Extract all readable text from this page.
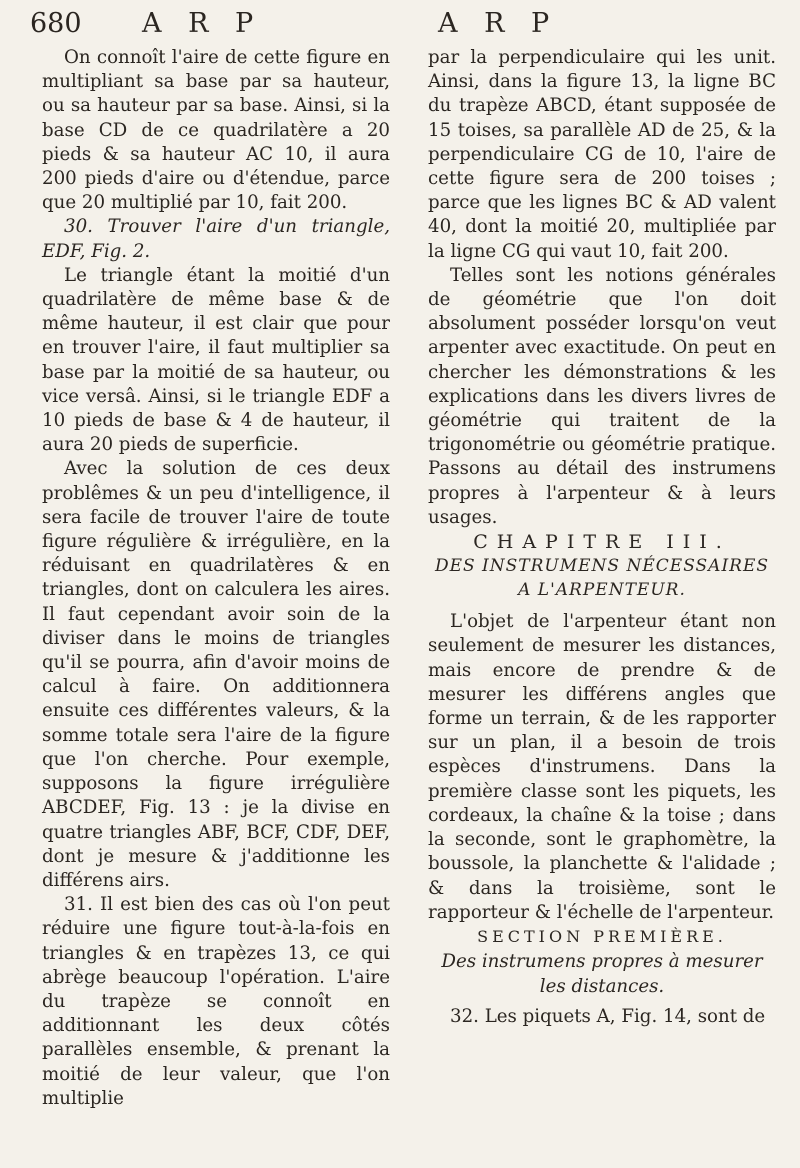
680 A R P	A R P

On connoît l'aire de cette figure en multipliant sa base par sa hauteur, ou sa hauteur par sa base. Ainsi, si la base CD de ce quadrilatère a 20 pieds & sa hauteur AC 10, il aura 200 pieds d'aire ou d'étendue, parce que 20 multiplié par 10, fait 200.

30. Trouver l'aire d'un triangle, EDF, Fig. 2.

Le triangle étant la moitié d'un quadrilatère de même base & de même hauteur, il est clair que pour en trouver l'aire, il faut multiplier sa base par la moitié de sa hauteur, ou vice versâ. Ainsi, si le triangle EDF a 10 pieds de base & 4 de hauteur, il aura 20 pieds de superficie.

Avec la solution de ces deux problêmes & un peu d'intelligence, il sera facile de trouver l'aire de toute figure régulière & irrégulière, en la réduisant en quadrilatères & en triangles, dont on calculera les aires. Il faut cependant avoir soin de la diviser dans le moins de triangles qu'il se pourra, afin d'avoir moins de calcul à faire. On additionnera ensuite ces différentes valeurs, & la somme totale sera l'aire de la figure que l'on cherche. Pour exemple, supposons la figure irrégulière ABCDEF, Fig. 13 : je la divise en quatre triangles ABF, BCF, CDF, DEF, dont je mesure & j'additionne les différens airs.

31. Il est bien des cas où l'on peut réduire une figure tout-à-la-fois en triangles & en trapèzes 13, ce qui abrège beaucoup l'opération. L'aire du trapèze se connoît en additionnant les deux côtés parallèles ensemble, & prenant la moitié de leur valeur, que l'on multiplie

par la perpendiculaire qui les unit. Ainsi, dans la figure 13, la ligne BC du trapèze ABCD, étant supposée de 15 toises, sa parallèle AD de 25, & la perpendiculaire CG de 10, l'aire de cette figure sera de 200 toises ; parce que les lignes BC & AD valent 40, dont la moitié 20, multipliée par la ligne CG qui vaut 10, fait 200.

Telles sont les notions générales de géométrie que l'on doit absolument posséder lorsqu'on veut arpenter avec exactitude. On peut en chercher les démonstrations & les explications dans les divers livres de géométrie qui traitent de la trigonométrie ou géométrie pratique. Passons au détail des instrumens propres à l'arpenteur & à leurs usages.

CHAPITRE III.

DES INSTRUMENS NÉCESSAIRES

A L'ARPENTEUR.

L'objet de l'arpenteur étant non seulement de mesurer les distances, mais encore de prendre & de mesurer les différens angles que forme un terrain, & de les rapporter sur un plan, il a besoin de trois espèces d'instrumens. Dans la première classe sont les piquets, les cordeaux, la chaîne & la toise ; dans la seconde, sont le graphomètre, la boussole, la planchette & l'alidade ; & dans la troisième, sont le rapporteur & l'échelle de l'arpenteur.

SECTION PREMIÈRE.

Des instrumens propres à mesurer les distances.

32. Les piquets A, Fig. 14, sont de
